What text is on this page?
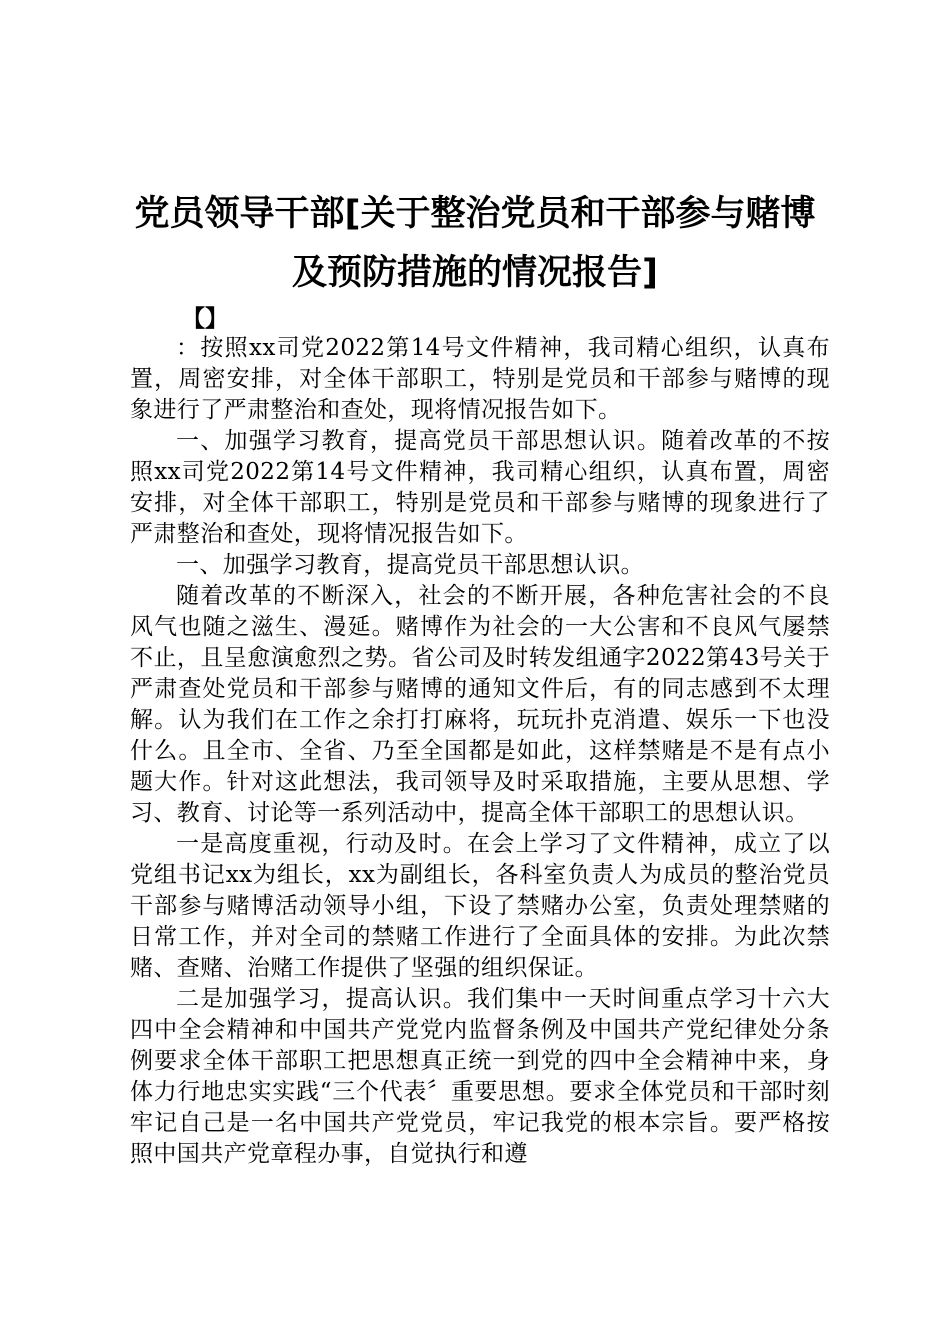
党员领导干部[关于整治党员和干部参与赌博
及预防措施的情况报告]
【】

：按照xx司党2022第14号文件精神，我司精心组织，认真布置，周密安排，对全体干部职工，特别是党员和干部参与赌博的现象进行了严肃整治和查处，现将情况报告如下。

一、加强学习教育，提高党员干部思想认识。随着改革的不按照xx司党2022第14号文件精神，我司精心组织，认真布置，周密安排，对全体干部职工，特别是党员和干部参与赌博的现象进行了严肃整治和查处，现将情况报告如下。

一、加强学习教育，提高党员干部思想认识。

随着改革的不断深入，社会的不断开展，各种危害社会的不良风气也随之滋生、漫延。赌博作为社会的一大公害和不良风气屡禁不止，且呈愈演愈烈之势。省公司及时转发组通字2022第43号关于严肃查处党员和干部参与赌博的通知文件后，有的同志感到不太理解。认为我们在工作之余打打麻将，玩玩扑克消遣、娱乐一下也没什么。且全市、全省、乃至全国都是如此，这样禁赌是不是有点小题大作。针对这此想法，我司领导及时采取措施，主要从思想、学习、教育、讨论等一系列活动中，提高全体干部职工的思想认识。

一是高度重视，行动及时。在会上学习了文件精神，成立了以党组书记xx为组长，xx为副组长，各科室负责人为成员的整治党员干部参与赌博活动领导小组，下设了禁赌办公室，负责处理禁赌的日常工作，并对全司的禁赌工作进行了全面具体的安排。为此次禁赌、查赌、治赌工作提供了坚强的组织保证。

二是加强学习，提高认识。我们集中一天时间重点学习十六大四中全会精神和中国共产党党内监督条例及中国共产党纪律处分条例要求全体干部职工把思想真正统一到党的四中全会精神中来，身体力行地忠实实践“三个代表〞重要思想。要求全体党员和干部时刻牢记自己是一名中国共产党党员，牢记我党的根本宗旨。要严格按照中国共产党章程办事，自觉执行和遵
